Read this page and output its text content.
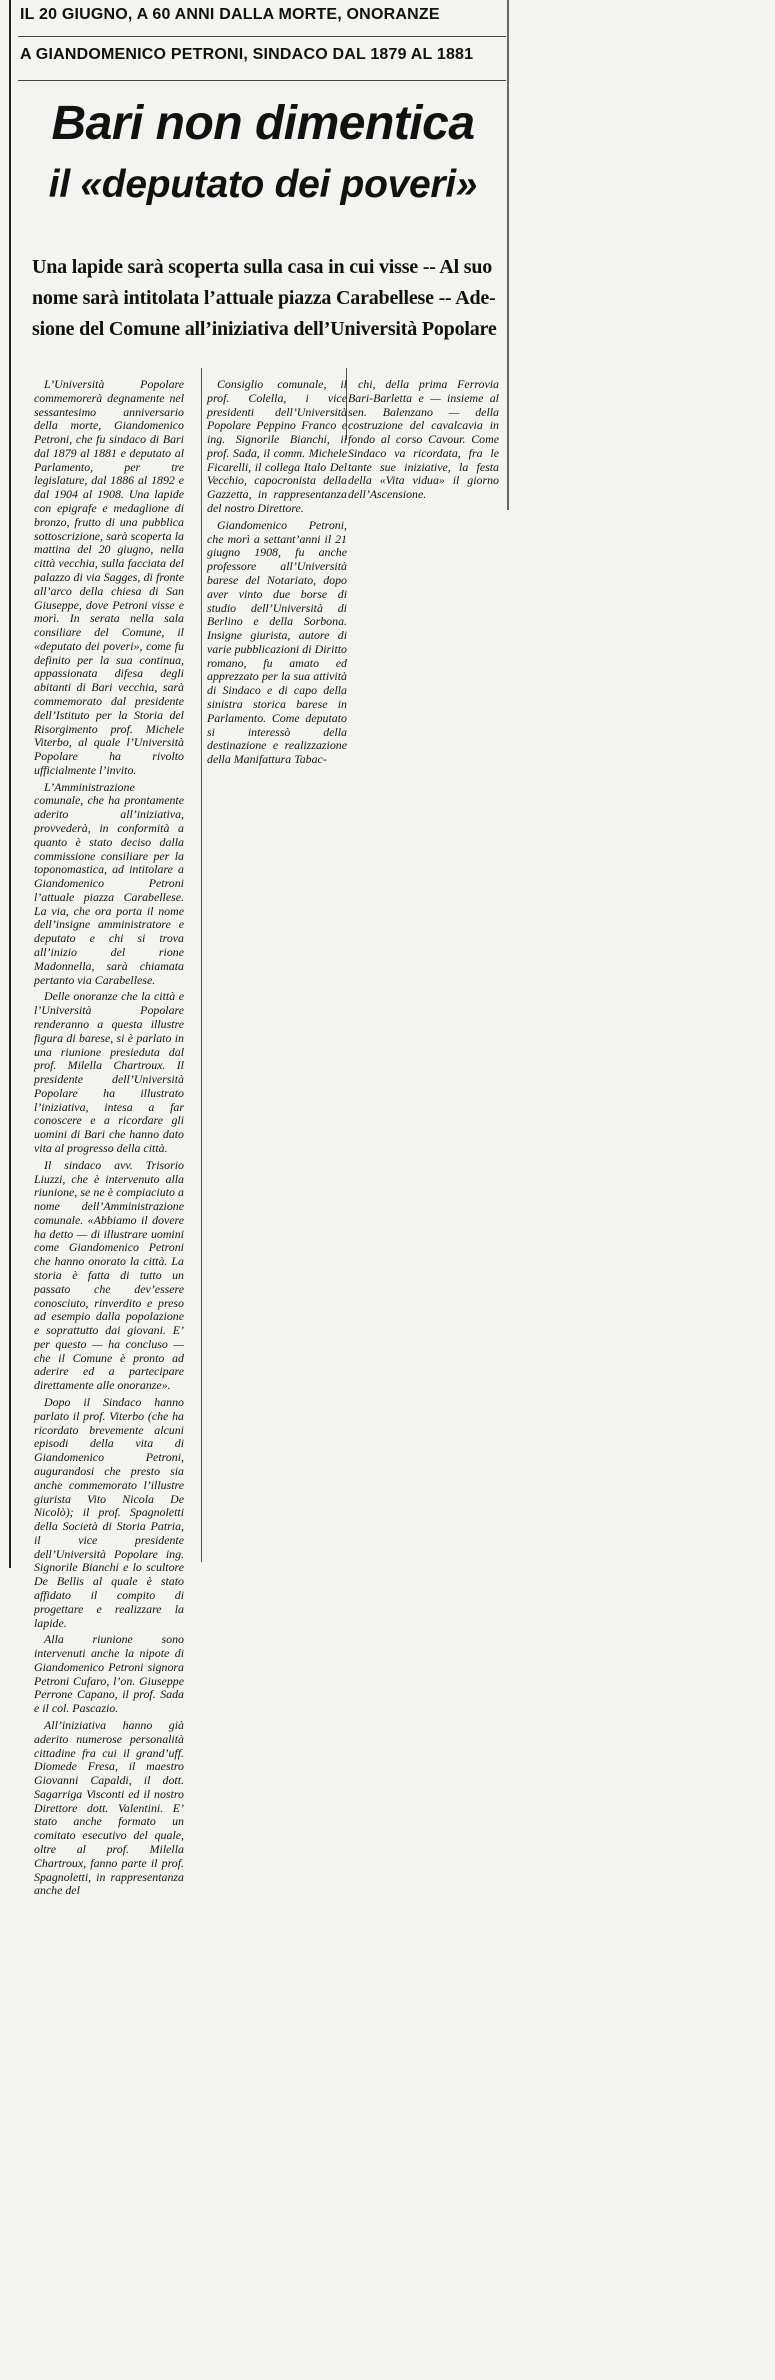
IL 20 GIUGNO, A 60 ANNI DALLA MORTE, ONORANZE
A GIANDOMENICO PETRONI, SINDACO DAL 1879 AL 1881
Bari non dimentica
il «deputato dei poveri»
Una lapide sarà scoperta sulla casa in cui visse -- Al suo
nome sarà intitolata l’attuale piazza Carabellese -- Ade-
sione del Comune all’iniziativa dell’Università Popolare

L’Università Popolare commemorerà degnamente nel sessantesimo anniversario della morte, Giandomenico Petroni, che fu sindaco di Bari dal 1879 al 1881 e deputato al Parlamento, per tre legislature, dal 1886 al 1892 e dal 1904 al 1908. Una lapide con epigrafe e medaglione di bronzo, frutto di una pubblica sottoscrizione, sarà scoperta la mattina del 20 giugno, nella città vecchia, sulla facciata del palazzo di via Sagges, di fronte all’arco della chiesa di San Giuseppe, dove Petroni visse e morì. In serata nella sala consiliare del Comune, il «deputato dei poveri», come fu definito per la sua continua, appassionata difesa degli abitanti di Bari vecchia, sarà commemorato dal presidente dell’Istituto per la Storia del Risorgimento prof. Michele Viterbo, al quale l’Università Popolare ha rivolto ufficialmente l’invito.

L’Amministrazione comunale, che ha prontamente aderito all’iniziativa, provvederà, in conformità a quanto è stato deciso dalla commissione consiliare per la toponomastica, ad intitolare a Giandomenico Petroni l’attuale piazza Carabellese. La via, che ora porta il nome dell’insigne amministratore e deputato e chi si trova all’inizio del rione Madonnella, sarà chiamata pertanto via Carabellese.

Delle onoranze che la città e l’Università Popolare renderanno a questa illustre figura di barese, si è parlato in una riunione presieduta dal prof. Milella Chartroux. Il presidente dell’Università Popolare ha illustrato l’iniziativa, intesa a far conoscere e a ricordare gli uomini di Bari che hanno dato vita al progresso della città.

Il sindaco avv. Trisorio Liuzzi, che è intervenuto alla riunione, se ne è compiaciuto a nome dell’Amministrazione comunale. «Abbiamo il dovere ha detto — di illustrare uomini come Giandomenico Petroni che hanno onorato la città. La storia è fatta di tutto un passato che dev’essere conosciuto, rinverdito e preso ad esempio dalla popolazione e soprattutto dai giovani. E’ per questo — ha concluso — che il Comune è pronto ad aderire ed a partecipare direttamente alle onoranze».

Dopo il Sindaco hanno parlato il prof. Viterbo (che ha ricordato brevemente alcuni episodi della vita di Giandomenico Petroni, augurandosi che presto sia anche commemorato l’illustre giurista Vito Nicola De Nicolò); il prof. Spagnoletti della Società di Storia Patria, il vice presidente dell’Università Popolare ing. Signorile Bianchi e lo scultore De Bellis al quale è stato affidato il compito di progettare e realizzare la lapide.

Alla riunione sono intervenuti anche la nipote di Giandomenico Petroni signora Petroni Cufaro, l’on. Giuseppe Perrone Capano, il prof. Sada e il col. Pascazio.

All’iniziativa hanno già aderito numerose personalità cittadine fra cui il grand’uff. Diomede Fresa, il maestro Giovanni Capaldi, il dott. Sagarriga Visconti ed il nostro Direttore dott. Valentini. E’ stato anche formato un comitato esecutivo del quale, oltre al prof. Milella Chartroux, fanno parte il prof. Spagnoletti, in rappresentanza anche del

Consiglio comunale, il prof. Colella, i vice presidenti dell’Università Popolare Peppino Franco e ing. Signorile Bianchi, il prof. Sada, il comm. Michele Ficarelli, il collega Italo Del Vecchio, capocronista della Gazzetta, in rappresentanza del nostro Direttore.

Giandomenico Petroni, che morì a settant’anni il 21 giugno 1908, fu anche professore all’Università barese del Notariato, dopo aver vinto due borse di studio dell’Università di Berlino e della Sorbona. Insigne giurista, autore di varie pubblicazioni di Diritto romano, fu amato ed apprezzato per la sua attività di Sindaco e di capo della sinistra storica barese in Parlamento. Come deputato si interessò della destinazione e realizzazione della Manifattura Tabac-

chi, della prima Ferrovia Bari-Barletta e — insieme al sen. Balenzano — della costruzione del cavalcavia in fondo al corso Cavour. Come Sindaco va ricordata, fra le tante sue iniziative, la festa della «Vita vidua» il giorno dell’Ascensione.
